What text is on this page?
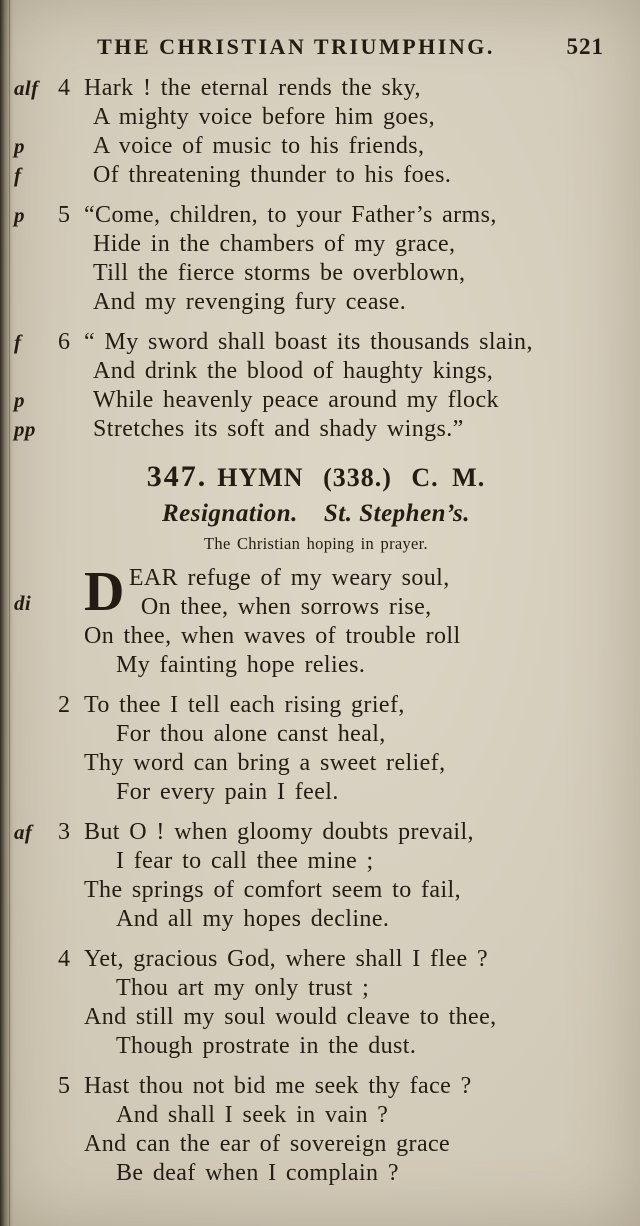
THE CHRISTIAN TRIUMPHING.	521
alf 4 Hark ! the eternal rends the sky,
A mighty voice before him goes,
p	A voice of music to his friends,
f	Of threatening thunder to his foes.
p	5 “Come, children, to your Father’s arms,
Hide in the chambers of my grace,
Till the fierce storms be overblown,
And my revenging fury cease.
f	6 “ My sword shall boast its thousands slain,
And drink the blood of haughty kings,
p	While heavenly peace around my flock
pp	Stretches its soft and shady wings.”
347. HYMN (338.) C. M.
Resignation. St. Stephen’s.
The Christian hoping in prayer.
di D EAR refuge of my weary soul,
On thee, when sorrows rise,
On thee, when waves of trouble roll
My fainting hope relies.
2 To thee I tell each rising grief,
For thou alone canst heal,
Thy word can bring a sweet relief,
For every pain I feel.
af	3 But O ! when gloomy doubts prevail,
I fear to call thee mine ;
The springs of comfort seem to fail,
And all my hopes decline.
4 Yet, gracious God, where shall I flee ?
Thou art my only trust ;
And still my soul would cleave to thee,
Though prostrate in the dust.
5 Hast thou not bid me seek thy face ?
And shall I seek in vain ?
And can the ear of sovereign grace
Be deaf when I complain ?
